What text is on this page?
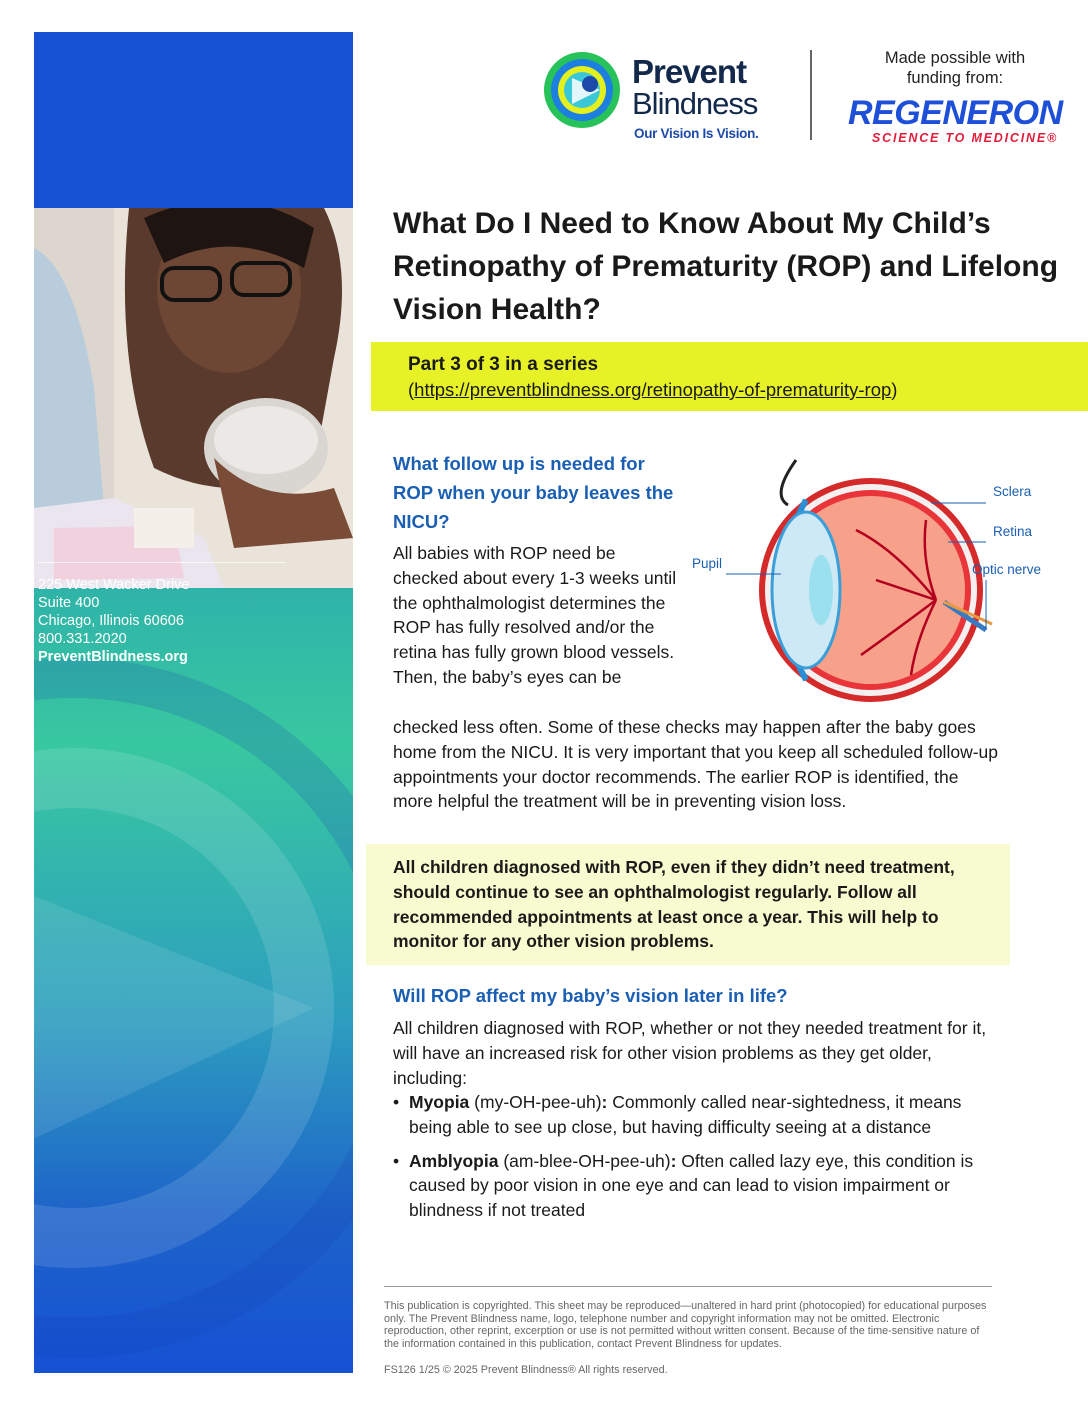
225 West Wacker Drive
Suite 400
Chicago, Illinois 60606
800.331.2020
PreventBlindness.org
Prevent
Blindness
Our Vision Is Vision.
Made possible with funding from:
REGENERON
SCIENCE TO MEDICINE®
What Do I Need to Know About My Child’s Retinopathy of Prematurity (ROP) and Lifelong Vision Health?
Part 3 of 3 in a series
(https://preventblindness.org/retinopathy-of-prematurity-rop)
What follow up is needed for ROP when your baby leaves the NICU?

All babies with ROP need be checked about every 1-3 weeks until the ophthalmologist determines the ROP has fully resolved and/or the retina has fully grown blood vessels. Then, the baby’s eyes can be

checked less often. Some of these checks may happen after the baby goes home from the NICU. It is very important that you keep all scheduled follow-up appointments your doctor recommends. The earlier ROP is identified, the more helpful the treatment will be in preventing vision loss.

Sclera
Retina
Pupil	Optic nerve

All children diagnosed with ROP, even if they didn’t need treatment, should continue to see an ophthalmologist regularly. Follow all recommended appointments at least once a year. This will help to monitor for any other vision problems.

Will ROP affect my baby’s vision later in life?

All children diagnosed with ROP, whether or not they needed treatment for it, will have an increased risk for other vision problems as they get older, including:

• Myopia (my-OH-pee-uh): Commonly called near-sightedness, it means being able to see up close, but having difficulty seeing at a distance
• Amblyopia (am-blee-OH-pee-uh): Often called lazy eye, this condition is caused by poor vision in one eye and can lead to vision impairment or blindness if not treated

This publication is copyrighted. This sheet may be reproduced—unaltered in hard print (photocopied) for educational purposes only. The Prevent Blindness name, logo, telephone number and copyright information may not be omitted. Electronic reproduction, other reprint, excerption or use is not permitted without written consent. Because of the time-sensitive nature of the information contained in this publication, contact Prevent Blindness for updates.

FS126 1/25 © 2025 Prevent Blindness® All rights reserved.
